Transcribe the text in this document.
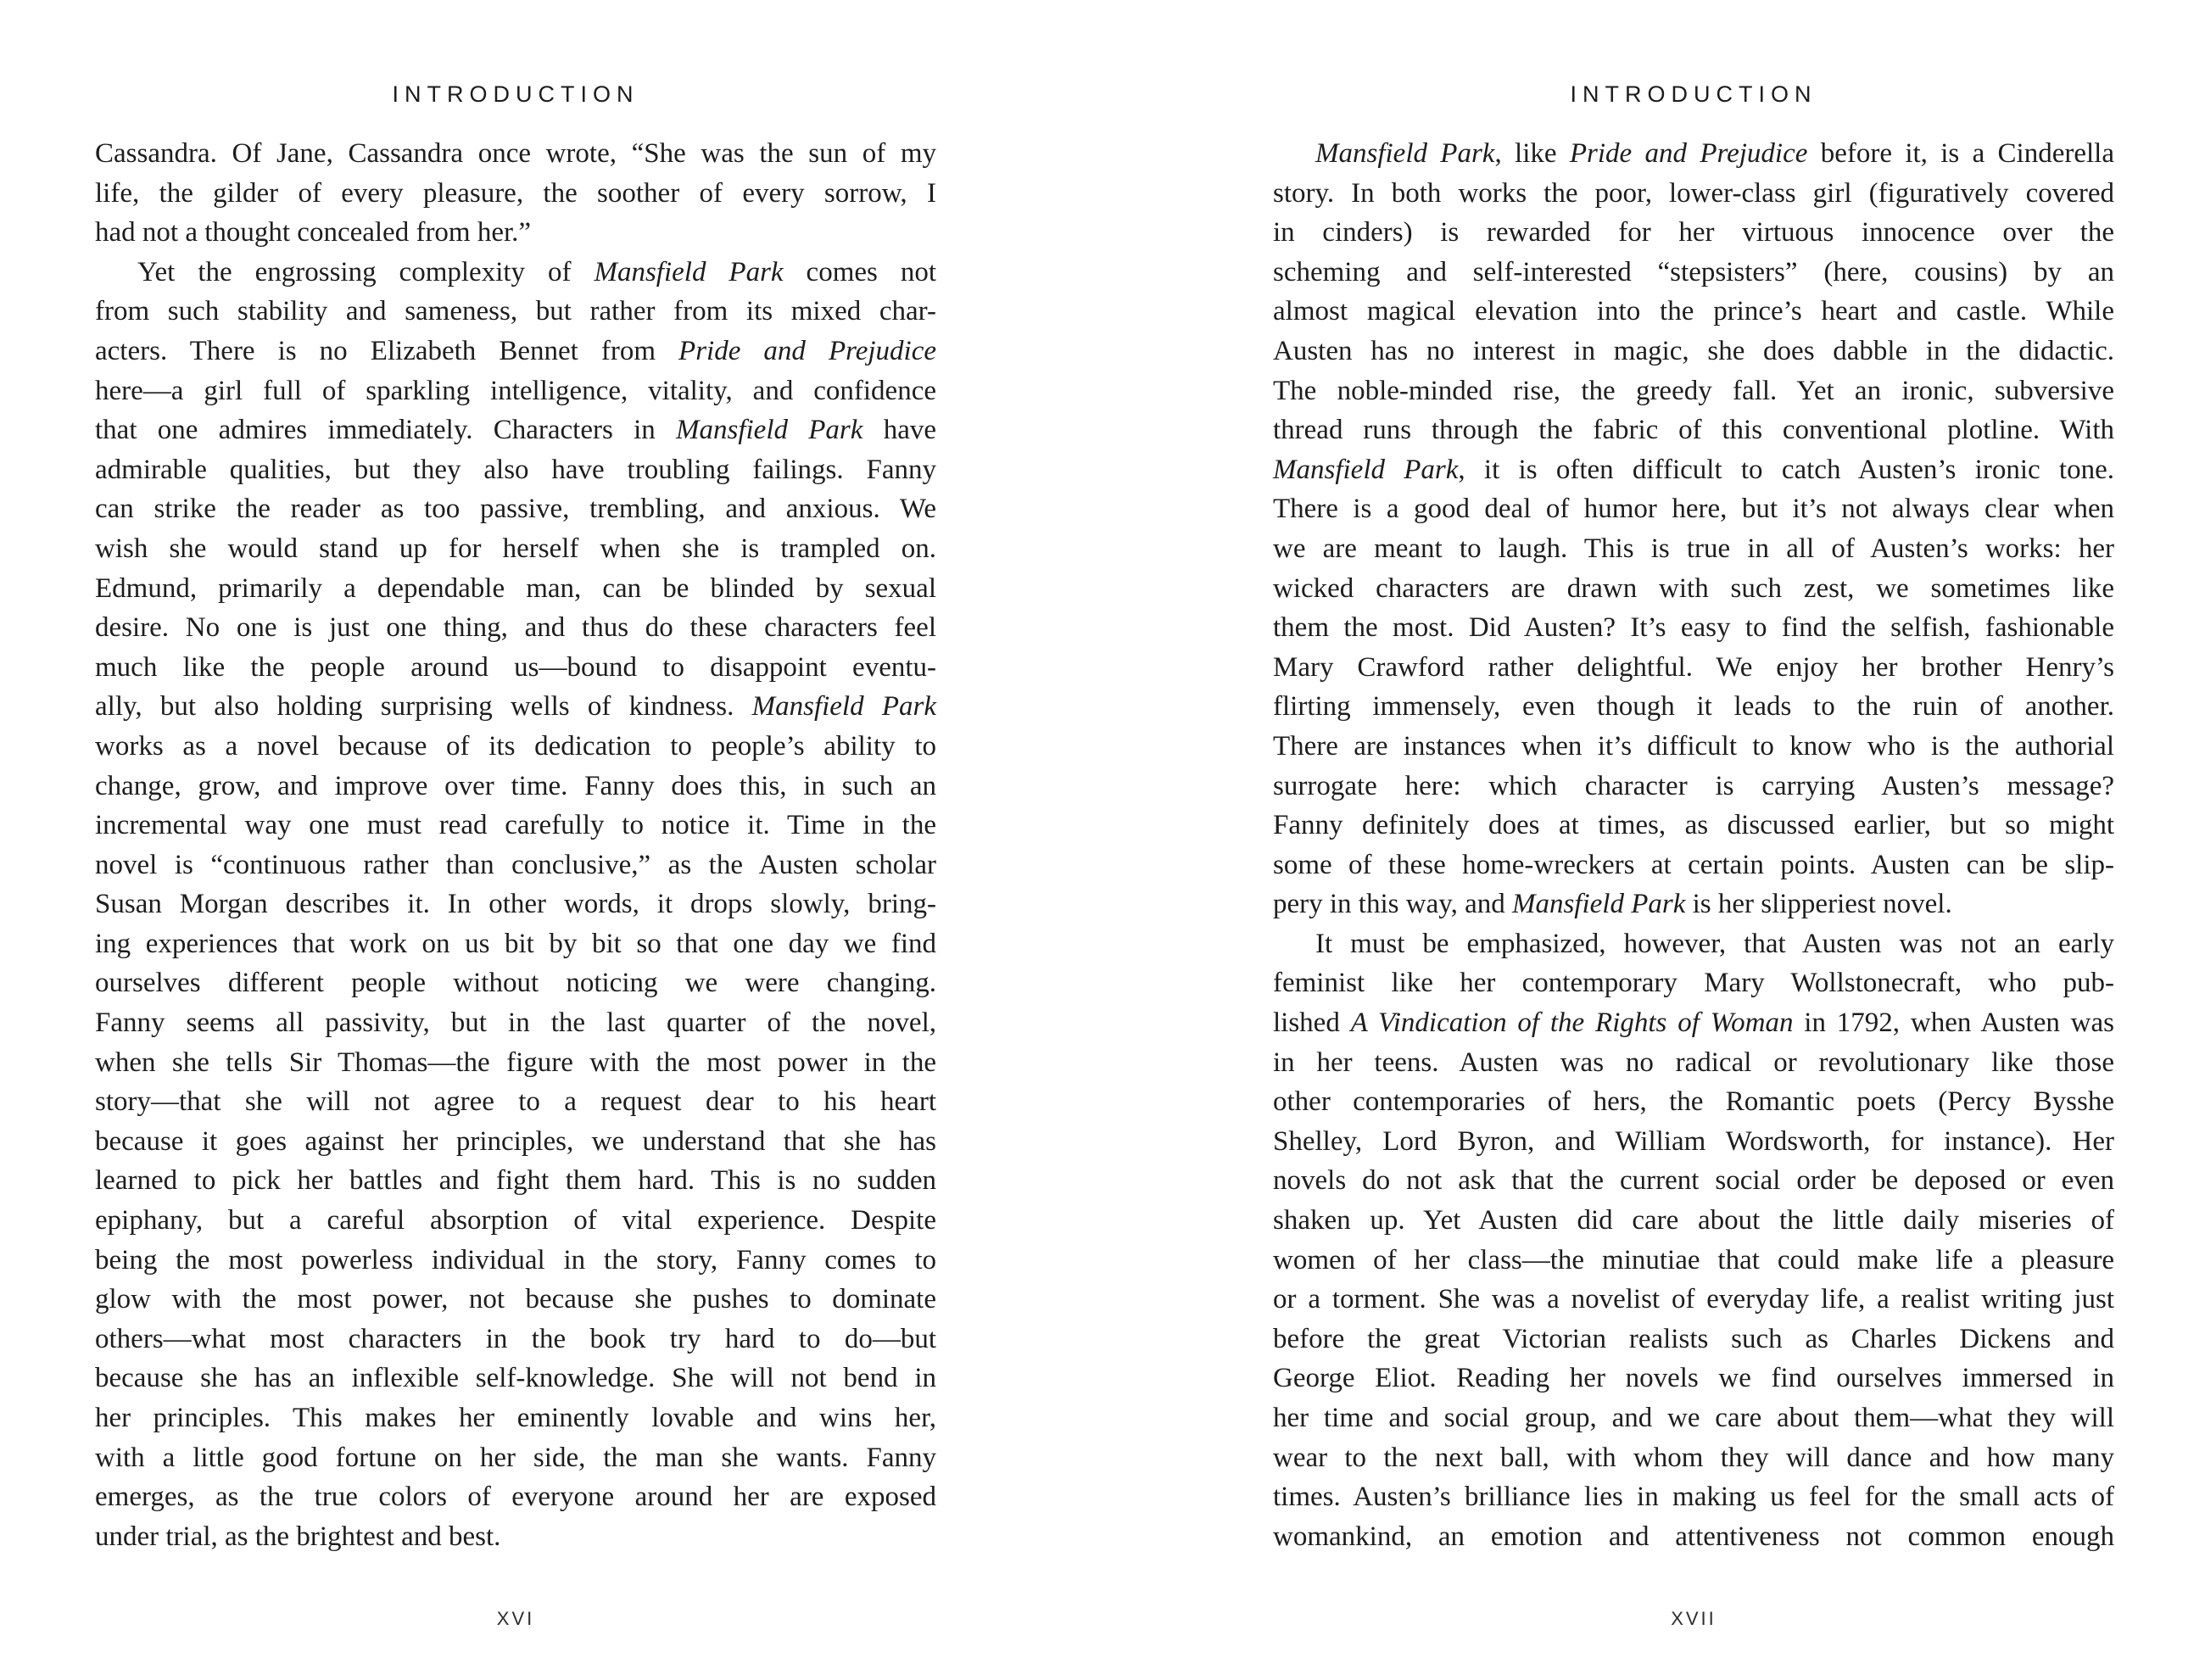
INTRODUCTION
Cassandra. Of Jane, Cassandra once wrote, “She was the sun of my
life, the gilder of every pleasure, the soother of every sorrow, I
had not a thought concealed from her.”
Yet the engrossing complexity of Mansfield Park comes not
from such stability and sameness, but rather from its mixed char-
acters. There is no Elizabeth Bennet from Pride and Prejudice
here—a girl full of sparkling intelligence, vitality, and confidence
that one admires immediately. Characters in Mansfield Park have
admirable qualities, but they also have troubling failings. Fanny
can strike the reader as too passive, trembling, and anxious. We
wish she would stand up for herself when she is trampled on.
Edmund, primarily a dependable man, can be blinded by sexual
desire. No one is just one thing, and thus do these characters feel
much like the people around us—bound to disappoint eventu-
ally, but also holding surprising wells of kindness. Mansfield Park
works as a novel because of its dedication to people’s ability to
change, grow, and improve over time. Fanny does this, in such an
incremental way one must read carefully to notice it. Time in the
novel is “continuous rather than conclusive,” as the Austen scholar
Susan Morgan describes it. In other words, it drops slowly, bring-
ing experiences that work on us bit by bit so that one day we find
ourselves different people without noticing we were changing.
Fanny seems all passivity, but in the last quarter of the novel,
when she tells Sir Thomas—the figure with the most power in the
story—that she will not agree to a request dear to his heart
because it goes against her principles, we understand that she has
learned to pick her battles and fight them hard. This is no sudden
epiphany, but a careful absorption of vital experience. Despite
being the most powerless individual in the story, Fanny comes to
glow with the most power, not because she pushes to dominate
others—what most characters in the book try hard to do—but
because she has an inflexible self-knowledge. She will not bend in
her principles. This makes her eminently lovable and wins her,
with a little good fortune on her side, the man she wants. Fanny
emerges, as the true colors of everyone around her are exposed
under trial, as the brightest and best.
XVI
INTRODUCTION
Mansfield Park, like Pride and Prejudice before it, is a Cinderella
story. In both works the poor, lower-class girl (figuratively covered
in cinders) is rewarded for her virtuous innocence over the
scheming and self-interested “stepsisters” (here, cousins) by an
almost magical elevation into the prince’s heart and castle. While
Austen has no interest in magic, she does dabble in the didactic.
The noble-minded rise, the greedy fall. Yet an ironic, subversive
thread runs through the fabric of this conventional plotline. With
Mansfield Park, it is often difficult to catch Austen’s ironic tone.
There is a good deal of humor here, but it’s not always clear when
we are meant to laugh. This is true in all of Austen’s works: her
wicked characters are drawn with such zest, we sometimes like
them the most. Did Austen? It’s easy to find the selfish, fashionable
Mary Crawford rather delightful. We enjoy her brother Henry’s
flirting immensely, even though it leads to the ruin of another.
There are instances when it’s difficult to know who is the authorial
surrogate here: which character is carrying Austen’s message?
Fanny definitely does at times, as discussed earlier, but so might
some of these home-wreckers at certain points. Austen can be slip-
pery in this way, and Mansfield Park is her slipperiest novel.
It must be emphasized, however, that Austen was not an early
feminist like her contemporary Mary Wollstonecraft, who pub-
lished A Vindication of the Rights of Woman in 1792, when Austen was
in her teens. Austen was no radical or revolutionary like those
other contemporaries of hers, the Romantic poets (Percy Bysshe
Shelley, Lord Byron, and William Wordsworth, for instance). Her
novels do not ask that the current social order be deposed or even
shaken up. Yet Austen did care about the little daily miseries of
women of her class—the minutiae that could make life a pleasure
or a torment. She was a novelist of everyday life, a realist writing just
before the great Victorian realists such as Charles Dickens and
George Eliot. Reading her novels we find ourselves immersed in
her time and social group, and we care about them—what they will
wear to the next ball, with whom they will dance and how many
times. Austen’s brilliance lies in making us feel for the small acts of
womankind, an emotion and attentiveness not common enough
XVII
